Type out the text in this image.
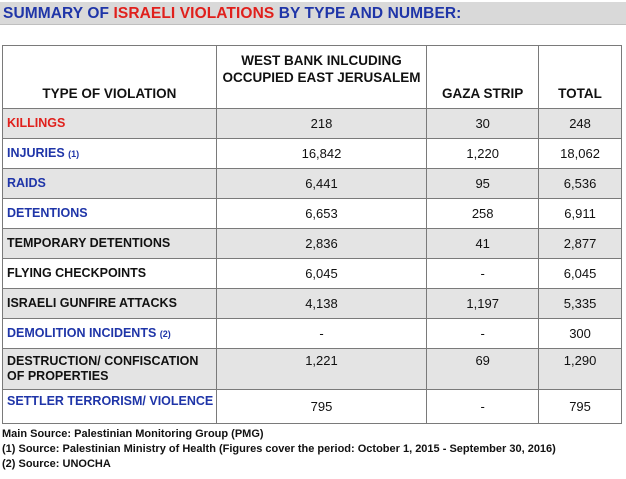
SUMMARY OF ISRAELI VIOLATIONS BY TYPE AND NUMBER:
TYPE OF VIOLATION	WEST BANK INLCUDING
OCCUPIED EAST JERUSALEM	GAZA STRIP	TOTAL
KILLINGS	218	30	248
INJURIES (1)	16,842	1,220	18,062
RAIDS	6,441	95	6,536
DETENTIONS	6,653	258	6,911
TEMPORARY DETENTIONS	2,836	41	2,877
FLYING CHECKPOINTS	6,045	-	6,045
ISRAELI GUNFIRE ATTACKS	4,138	1,197	5,335
DEMOLITION INCIDENTS (2)	-	-	300
DESTRUCTION/ CONFISCATION OF PROPERTIES	1,221	69	1,290
SETTLER TERRORISM/ VIOLENCE	795	-	795
Main Source: Palestinian Monitoring Group (PMG)
(1) Source: Palestinian Ministry of Health (Figures cover the period: October 1, 2015 - September 30, 2016)
(2) Source: UNOCHA
